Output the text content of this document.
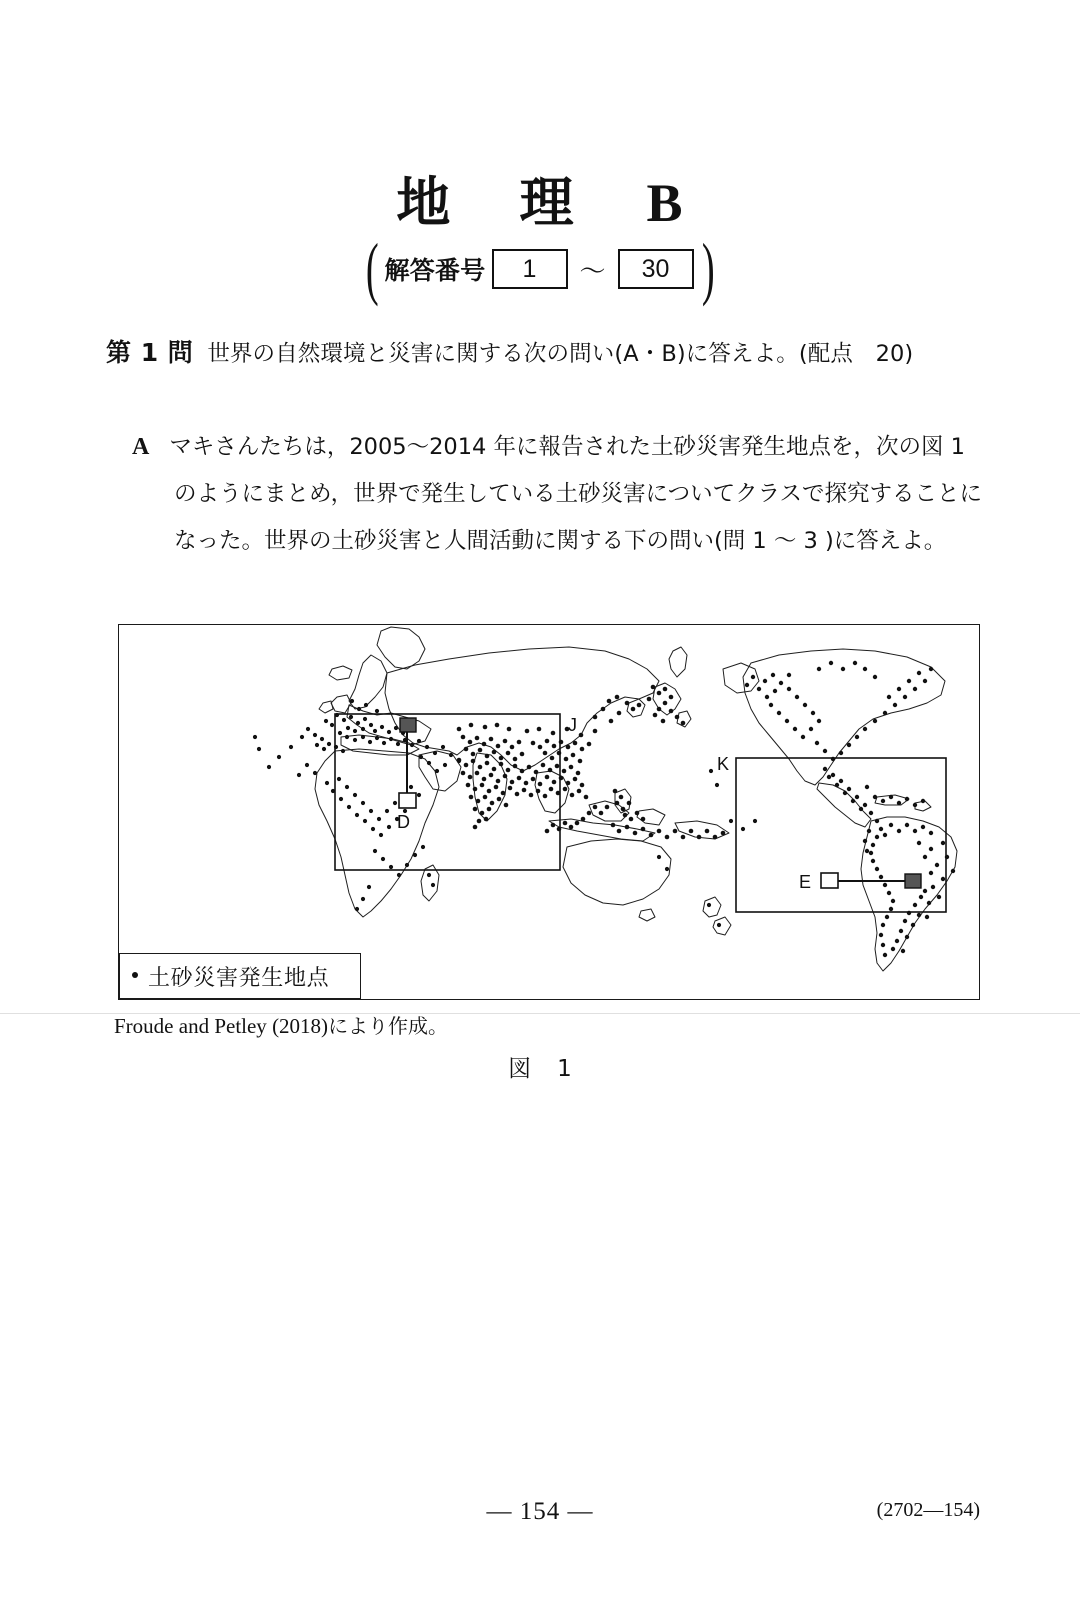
地 理 B
( 解答番号	1	～	30 )
第 1 問 世界の自然環境と災害に関する次の問い(A・B)に答えよ。(配点　20)
A マキさんたちは，2005～2014 年に報告された土砂災害発生地点を，次の図 1
のようにまとめ，世界で発生している土砂災害についてクラスで探究することに
なった。世界の土砂災害と人間活動に関する下の問い(問 1 ～ 3 )に答えよ。
J
K
D
E
土砂災害発生地点
Froude and Petley (2018)により作成。
図 1
— 154 —	(2702—154)
